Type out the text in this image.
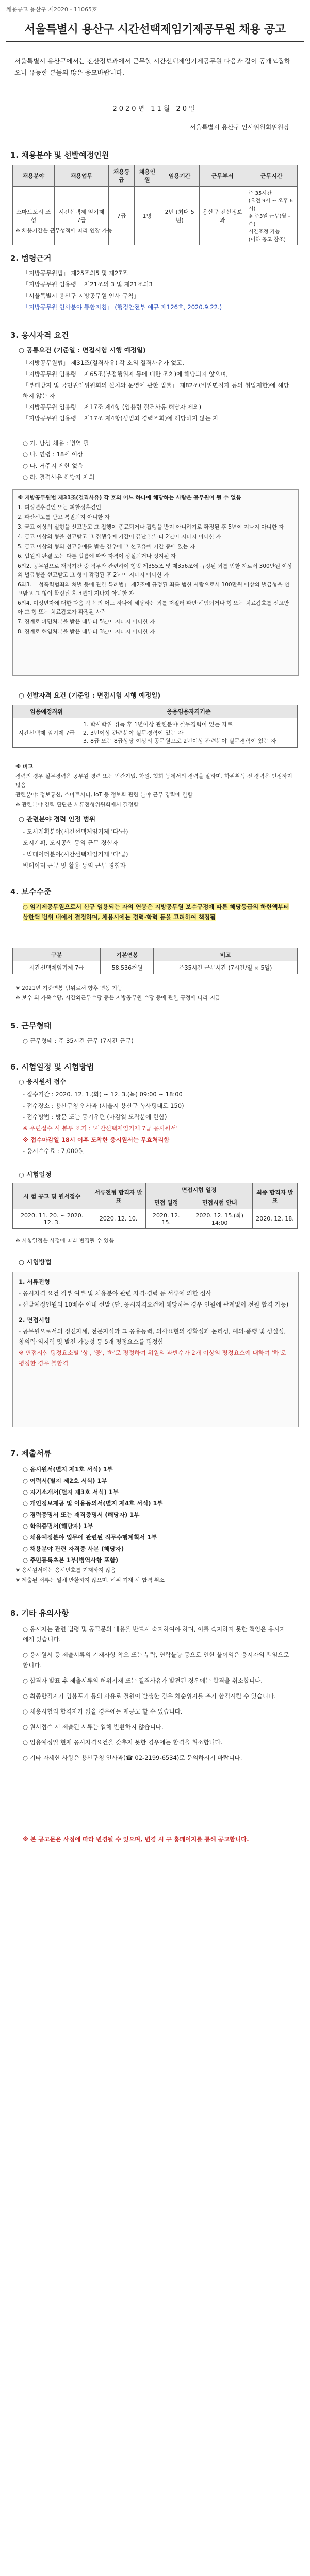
채용공고 용산구 제2020 - 11065호
서울특별시 용산구 시간선택제임기제공무원 채용 공고
서울특별시 용산구에서는 전산정보과에서 근무할 시간선택제임기제공무원 다음과 같이 공개모집하오니 유능한 분들의 많은 응모바랍니다.
2020년 11월 20일
서울특별시 용산구 인사위원회위원장
1. 채용분야 및 선발예정인원
채용분야	채용업무	채용등급	채용인원	임용기간	근무부서	근무시간
스마트도시 조성	시간선택제 임기제7급	7급	1명	2년 (최대 5년)	용산구 전산정보과	주 35시간
(오전 9시 ~ 오후 6시)
※ 주3일 근무(월~수)
시간조정 가능
(이하 공고 참조)
※ 채용기간은 근무성적에 따라 연장 가능
2. 법령근거
「지방공무원법」 제25조의5 및 제27조
「지방공무원 임용령」 제21조의 3 및 제21조의3
「서울특별시 용산구 지방공무원 인사 규칙」
「지방공무원 인사분야 통합지침」 (행정안전부 예규 제126호, 2020.9.22.)
3. 응시자격 요건
○ 공통요건 (기준일 : 면접시험 시행 예정일)
「지방공무원법」 제31조(결격사유) 각 호의 결격사유가 없고,
「지방공무원 임용령」 제65조(부정행위자 등에 대한 조치)에 해당되지 않으며,
「부패방지 및 국민권익위원회의 설치와 운영에 관한 법률」 제82조(비위면직자 등의 취업제한)에 해당하지 않는 자
「지방공무원 임용령」 제17조 제4항 (임용령 결격사유 해당자 제외)
「지방공무원 임용령」 제17조 제4항(성범죄 경력조회)에 해당하지 않는 자
○ 가. 남성 채용 : 병역 필
○ 나. 연령 : 18세 이상
○ 다. 거주지 제한 없음
○ 라. 결격사유 해당자 제외
※ 지방공무원법 제31조(결격사유) 각 호의 어느 하나에 해당하는 사람은 공무원이 될 수 없음
1. 피성년후견인 또는 피한정후견인
2. 파산선고를 받고 복권되지 아니한 자
3. 금고 이상의 실형을 선고받고 그 집행이 종료되거나 집행을 받지 아니하기로 확정된 후 5년이 지나지 아니한 자
4. 금고 이상의 형을 선고받고 그 집행유예 기간이 끝난 날부터 2년이 지나지 아니한 자
5. 금고 이상의 형의 선고유예를 받은 경우에 그 선고유예 기간 중에 있는 자
6. 법원의 판결 또는 다른 법률에 따라 자격이 상실되거나 정지된 자
6의2. 공무원으로 재직기간 중 직무와 관련하여 형법 제355조 및 제356조에 규정된 죄를 범한 자로서 300만원 이상의 벌금형을 선고받고 그 형이 확정된 후 2년이 지나지 아니한 자
6의3. 「성폭력범죄의 처벌 등에 관한 특례법」 제2조에 규정된 죄를 범한 사람으로서 100만원 이상의 벌금형을 선고받고 그 형이 확정된 후 3년이 지나지 아니한 자
6의4. 미성년자에 대한 다음 각 목의 어느 하나에 해당하는 죄를 저질러 파면·해임되거나 형 또는 치료감호를 선고받아 그 형 또는 치료감호가 확정된 사람
7. 징계로 파면처분을 받은 때부터 5년이 지나지 아니한 자
8. 징계로 해임처분을 받은 때부터 3년이 지나지 아니한 자
○ 선발자격 요건 (기준일 : 면접시험 시행 예정일)
임용예정직위	응용임용자격기준
시간선택제 임기제 7급	1. 학사학위 취득 후 1년이상 관련분야 실무경력이 있는 자로
2. 3년이상 관련분야 실무경력이 있는 자
3. 8급 또는 8급상당 이상의 공무원으로 2년이상 관련분야 실무경력이 있는 자
※ 비고
경력의 경우 실무경력은 공무원 경력 또는 민간기업, 학원, 협회 등에서의 경력을 말하며, 학위취득 전 경력은 인정하지 않음
관련분야: 정보통신, 스마트시티, IoT 등 정보화 관련 분야 근무 경력에 한함
※ 관련분야 경력 판단은 서류전형위원회에서 결정함
○ 관련분야 경력 인정 범위
- 도시계획분야(시간선택제임기제 '다'급)
도시계획, 도시공학 등의 근무 경험자
- 빅데이터분야(시간선택제임기제 '다'급)
빅데이터 근무 및 활용 등의 근무 경험자
4. 보수수준
○ 임기제공무원으로서 신규 임용되는 자의 연봉은 지방공무원 보수규정에 따른 해당등급의 하한액부터 상한액 범위 내에서 결정하며, 채용시에는 경력·학력 등을 고려하여 책정됨
구분	기본연봉	비고
시간선택제임기제 7급	58,536천원	주35시간 근무시간 (7시간/일 × 5일)
※ 2021년 기준연봉 범위로서 향후 변동 가능
※ 보수 외 가족수당, 시간외근무수당 등은 지방공무원 수당 등에 관한 규정에 따라 지급
5. 근무형태
○ 근무형태 : 주 35시간 근무 (7시간 근무)
6. 시험일정 및 시험방법
○ 응시원서 접수
- 접수기간 : 2020. 12. 1.(화) ~ 12. 3.(목) 09:00 ~ 18:00
- 접수장소 : 용산구청 인사과 (서울시 용산구 녹사평대로 150)
- 접수방법 : 방문 또는 등기우편 (마감일 도착분에 한함)
※ 우편접수 시 봉투 표기 : '시간선택제임기제 7급 응시원서'
※ 접수마감일 18시 이후 도착한 응시원서는 무효처리함
- 응시수수료 : 7,000원
○ 시험일정
시 험 공고 및 원서접수	서류전형 합격자 발표	면접시험 일정		최종 합격자 발표
		면접 일정	면접시험 안내	
2020. 11. 20. ~ 2020. 12. 3.	2020. 12. 10.	2020. 12. 15.	2020. 12. 15.(화) 14:00	2020. 12. 18.
※ 시험일정은 사정에 따라 변경될 수 있음
○ 시험방법
1. 서류전형
- 응시자격 요건 적부 여부 및 채용분야 관련 자격·경력 등 서류에 의한 심사
- 선발예정인원의 10배수 이내 선발 (단, 응시자격요건에 해당하는 경우 인원에 관계없이 전원 합격 가능)
2. 면접시험
- 공무원으로서의 정신자세, 전문지식과 그 응용능력, 의사표현의 정확성과 논리성, 예의·품행 및 성실성, 창의력·의지력 및 발전 가능성 등 5개 평정요소를 평정함
※ 면접시험 평정요소별 '상', '중', '하'로 평정하여 위원의 과반수가 2개 이상의 평정요소에 대하여 '하'로 평정한 경우 불합격
7. 제출서류
○ 응시원서(별지 제1호 서식) 1부
○ 이력서(별지 제2호 서식) 1부
○ 자기소개서(별지 제3호 서식) 1부
○ 개인정보제공 및 이용동의서(별지 제4호 서식) 1부
○ 경력증명서 또는 재직증명서 (해당자) 1부
○ 학위증명서(해당자) 1부
○ 채용예정분야 업무에 관련된 직무수행계획서 1부
○ 채용분야 관련 자격증 사본 (해당자)
○ 주민등록초본 1부(병역사항 포함)
※ 응시원서에는 응시번호를 기재하지 않음
※ 제출된 서류는 일체 반환하지 않으며, 허위 기재 시 합격 취소
8. 기타 유의사항
○ 응시자는 관련 법령 및 공고문의 내용을 반드시 숙지하여야 하며, 이를 숙지하지 못한 책임은 응시자에게 있습니다.
○ 응시원서 등 제출서류의 기재사항 착오 또는 누락, 연락불능 등으로 인한 불이익은 응시자의 책임으로 합니다.
○ 합격자 발표 후 제출서류의 허위기재 또는 결격사유가 발견된 경우에는 합격을 취소합니다.
○ 최종합격자가 임용포기 등의 사유로 결원이 발생한 경우 차순위자를 추가 합격시킬 수 있습니다.
○ 채용시험의 합격자가 없을 경우에는 재공고 할 수 있습니다.
○ 원서접수 시 제출된 서류는 일체 반환하지 않습니다.
○ 임용예정일 현재 응시자격요건을 갖추지 못한 경우에는 합격을 취소합니다.
○ 기타 자세한 사항은 용산구청 인사과(☎ 02-2199-6534)로 문의하시기 바랍니다.
※ 본 공고문은 사정에 따라 변경될 수 있으며, 변경 시 구 홈페이지를 통해 공고합니다.
